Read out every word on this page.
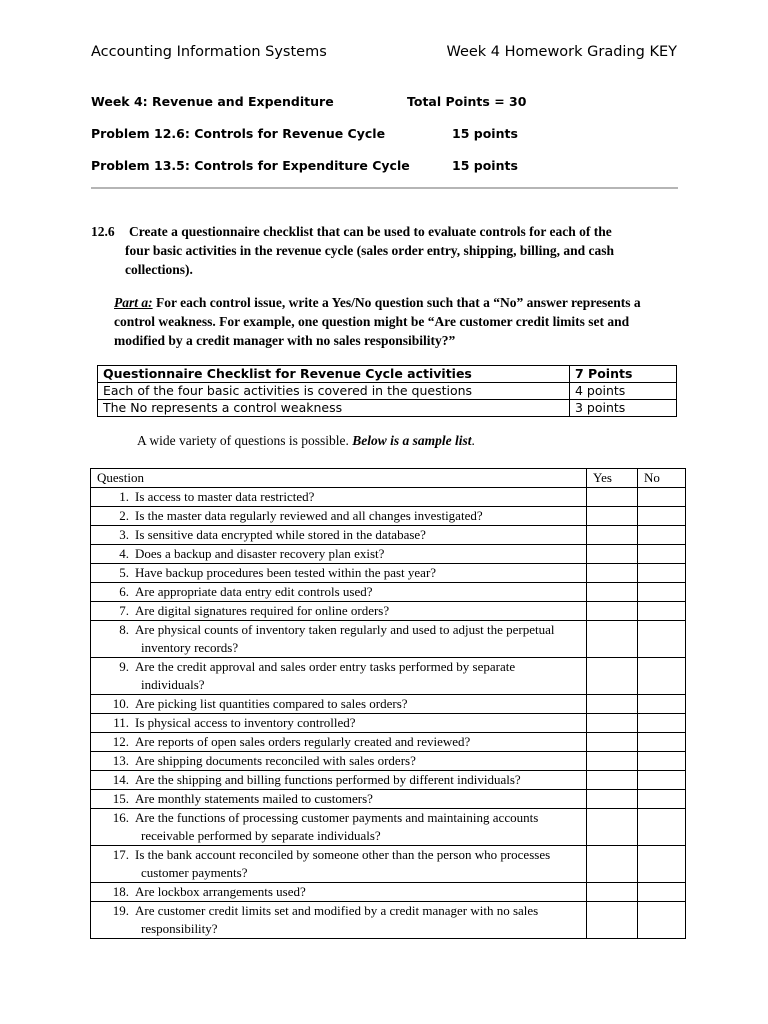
Accounting Information Systems	Week 4 Homework Grading KEY
Week 4: Revenue and Expenditure	Total Points = 30
Problem 12.6: Controls for Revenue Cycle	15 points
Problem 13.5: Controls for Expenditure Cycle	15 points
12.6 Create a questionnaire checklist that can be used to evaluate controls for each of the
four basic activities in the revenue cycle (sales order entry, shipping, billing, and cash collections).
Part a: For each control issue, write a Yes/No question such that a “No” answer represents a control weakness. For example, one question might be “Are customer credit limits set and modified by a credit manager with no sales responsibility?”
Questionnaire Checklist for Revenue Cycle activities	7 Points
Each of the four basic activities is covered in the questions	4 points
The No represents a control weakness	3 points
A wide variety of questions is possible. Below is a sample list.
Question	Yes	No

1. Is access to master data restricted?		

2. Is the master data regularly reviewed and all changes investigated?		

3. Is sensitive data encrypted while stored in the database?		

4. Does a backup and disaster recovery plan exist?		

5. Have backup procedures been tested within the past year?		

6. Are appropriate data entry edit controls used?		

7. Are digital signatures required for online orders?		

8. Are physical counts of inventory taken regularly and used to adjust the perpetual inventory records?		

9. Are the credit approval and sales order entry tasks performed by separate individuals?		

10. Are picking list quantities compared to sales orders?		

11. Is physical access to inventory controlled?		

12. Are reports of open sales orders regularly created and reviewed?		

13. Are shipping documents reconciled with sales orders?		

14. Are the shipping and billing functions performed by different individuals?		

15. Are monthly statements mailed to customers?		

16. Are the functions of processing customer payments and maintaining accounts receivable performed by separate individuals?		

17. Is the bank account reconciled by someone other than the person who processes customer payments?		

18. Are lockbox arrangements used?		

19. Are customer credit limits set and modified by a credit manager with no sales responsibility?		
